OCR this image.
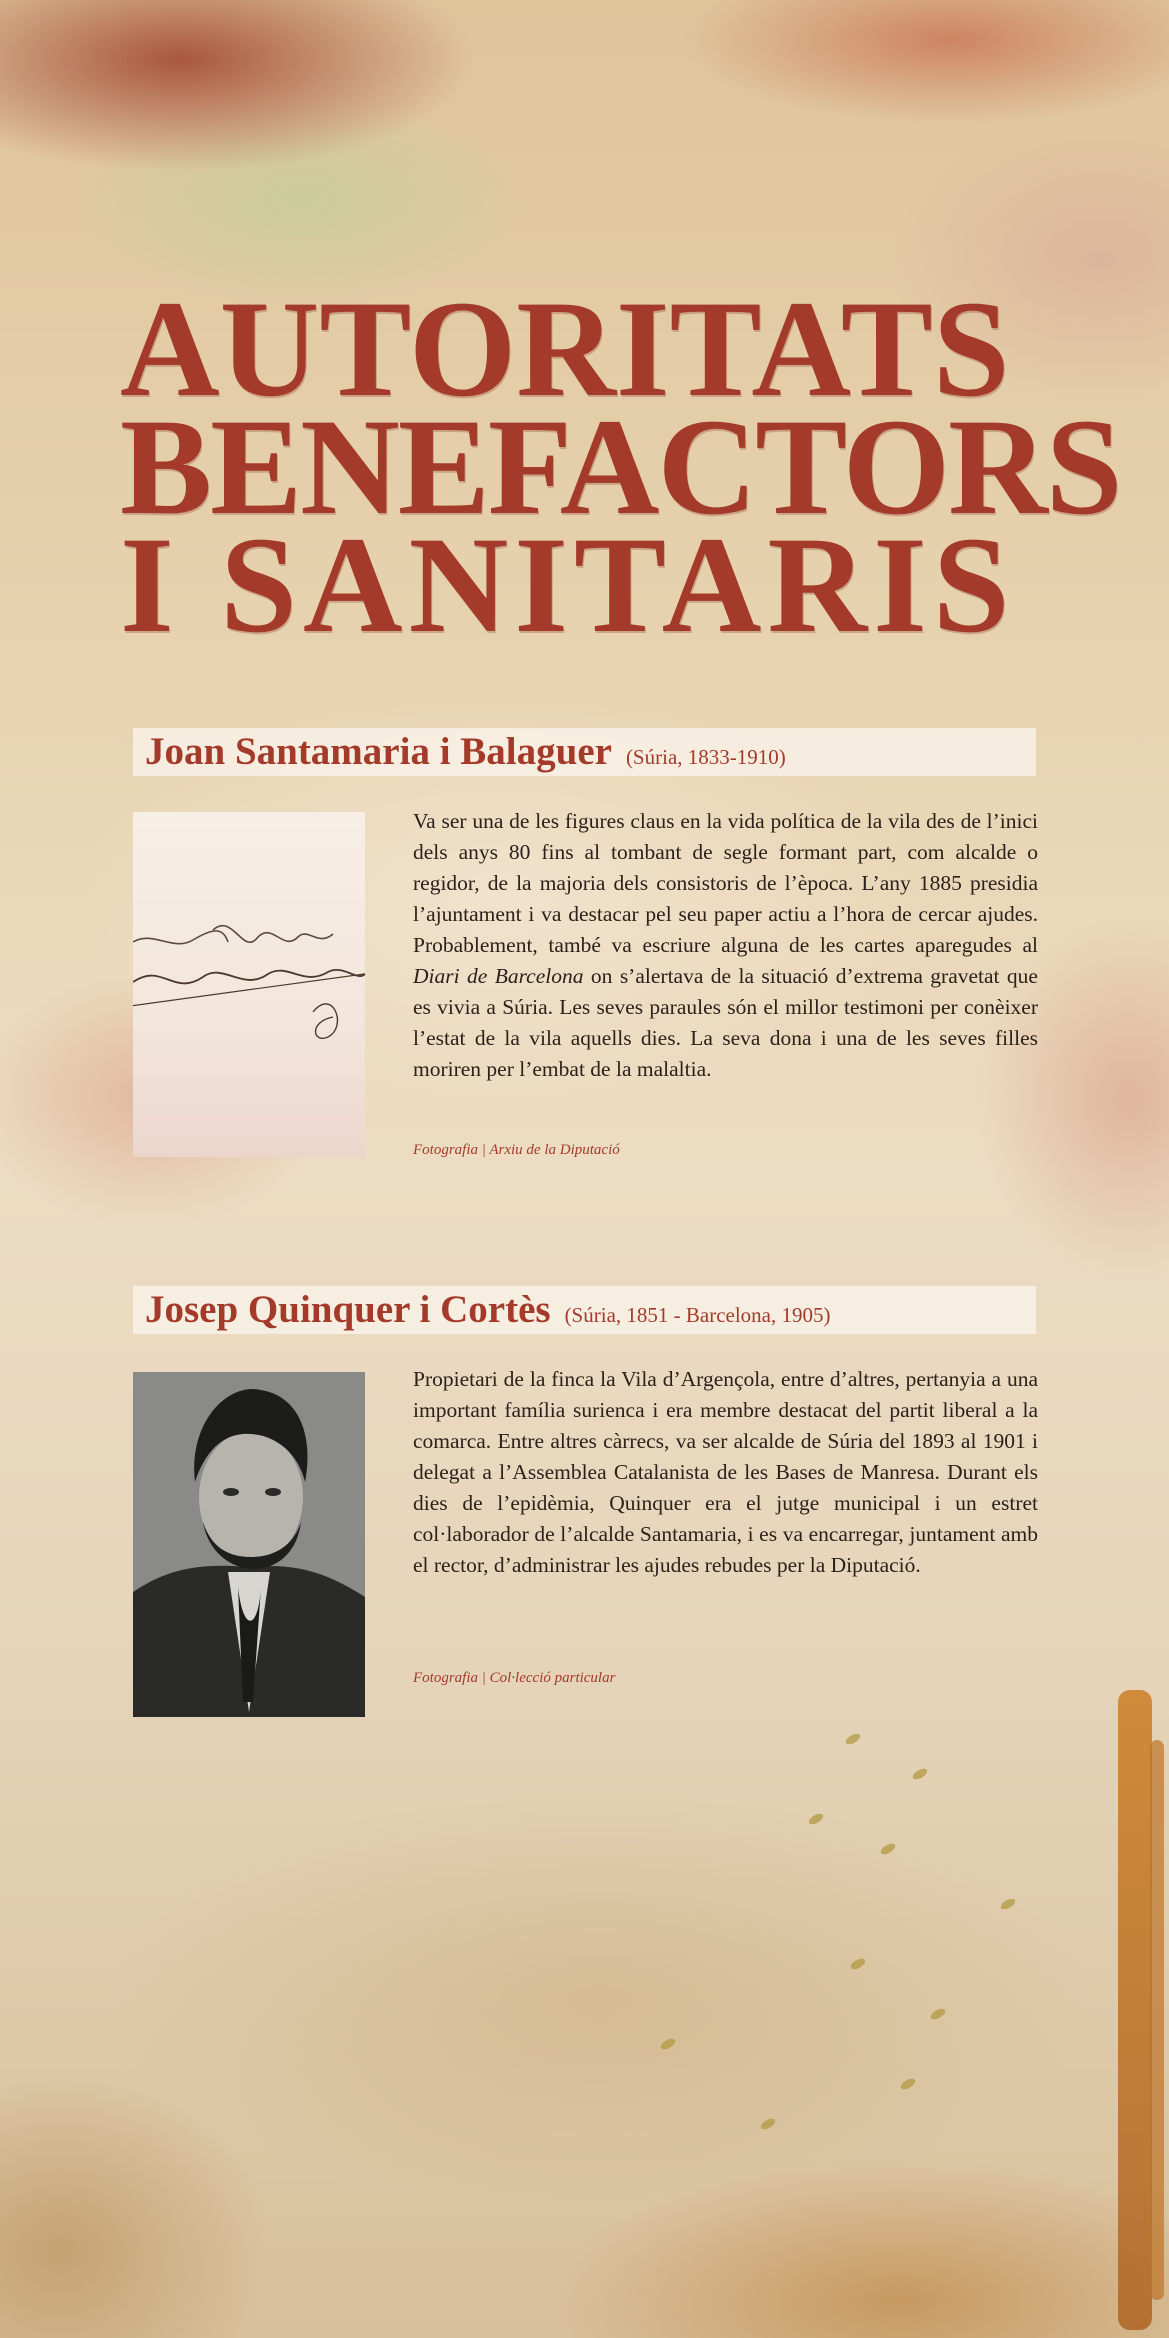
AUTORITATS
BENEFACTORS
I SANITARIS
Joan Santamaria i Balaguer (Súria, 1833-1910)

Va ser una de les figures claus en la vida política de la vila des de l’inici dels anys 80 fins al tombant de segle formant part, com alcalde o regidor, de la majoria dels consistoris de l’època. L’any 1885 presidia l’ajuntament i va destacar pel seu paper actiu a l’hora de cercar ajudes. Probablement, també va escriure alguna de les cartes aparegudes al Diari de Barcelona on s’alertava de la situació d’extrema gravetat que es vivia a Súria. Les seves paraules són el millor testimoni per conèixer l’estat de la vila aquells dies. La seva dona i una de les seves filles moriren per l’embat de la malaltia.

Fotografia | Arxiu de la Diputació
Josep Quinquer i Cortès (Súria, 1851 - Barcelona, 1905)

Propietari de la finca la Vila d’Argençola, entre d’altres, pertanyia a una important família surienca i era membre destacat del partit liberal a la comarca. Entre altres càrrecs, va ser alcalde de Súria del 1893 al 1901 i delegat a l’Assemblea Catalanista de les Bases de Manresa. Durant els dies de l’epidèmia, Quinquer era el jutge municipal i un estret col·laborador de l’alcalde Santamaria, i es va encarregar, juntament amb el rector, d’administrar les ajudes rebudes per la Diputació.

Fotografia | Col·lecció particular
